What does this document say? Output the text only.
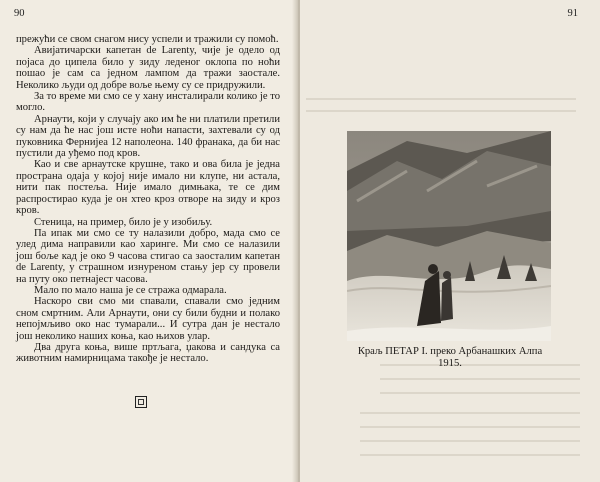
90

прежући се свом снагом нису успели и тражили су помоћ.

Авијатичарски капетан de Larenty, чије је одело од појаса до ципела било у зиду леденог оклопа по ноћи пошао је сам са једном лампом да тражи заостале. Неколико људи од добре воље њему су се придружили.

За то време ми смо се у хану инсталирали колико је то могло.

Арнаути, који у случају ако им ће ни платили претили су нам да ће нас још исте ноћи напасти, захтевали су од пуковника Фернијеа 12 наполеона. 140 франака, да би нас пустили да уђемо под кров.

Као и све арнаутске крушне, тако и ова била је једна пространа одаја у којој није имало ни клупе, ни астала, нити пак постеља. Није имало димњака, те се дим распростирао куда је он хтео кроз отворе на зиду и кроз кров.

Стеница, на пример, било је у изобиљу.

Па ипак ми смо се ту налазили добро, мада смо се улед дима направили као харинге. Ми смо се налазили још боље кад је око 9 часова стигао са заосталим капетан de Larenty, у страшном изнуреном стању јер су провели на путу око петнајест часова.

Мало по мало наша је се стража одмарала.

Наскоро сви смо ми спавали, спавали смо једним сном смртним. Али Арнаути, они су били будни и полако непојмљиво око нас тумарали... И сутра дан је нестало још неколико наших коња, као њихов улар.

Два друга коња, више пртљага, џакова и сандука са животним намирницама такође је нестало.

91
Краљ ПЕТАР I. преко Арбанашких Алпа
1915.
